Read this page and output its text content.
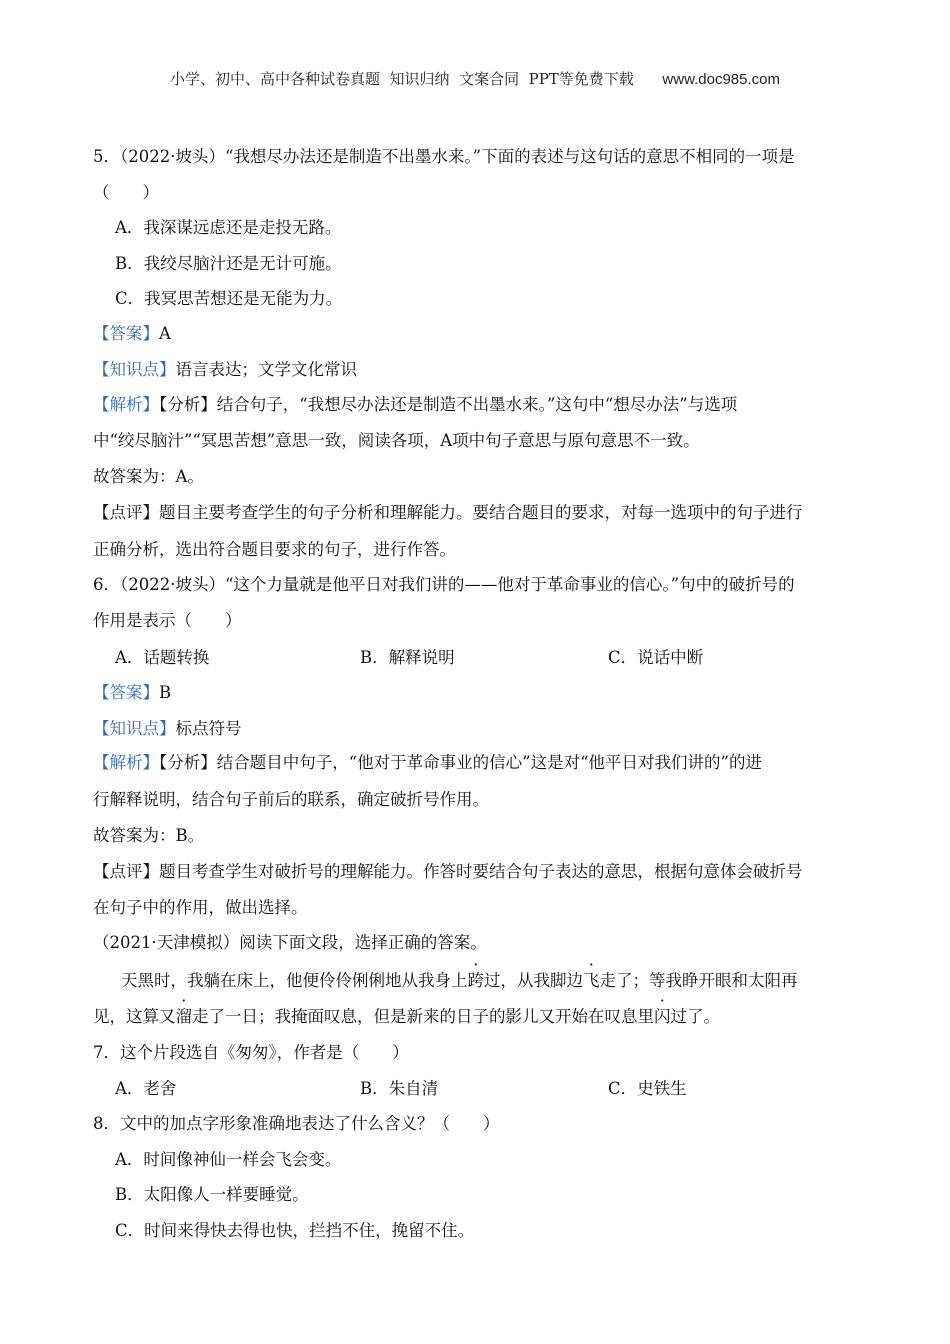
小学、初中、高中各种试卷真题  知识归纳  文案合同  PPT等免费下载 www.doc985.com
5．（2022·坡头）“我想尽办法还是制造不出墨水来。”下面的表述与这句话的意思不相同的一项是
（　　）
A．我深谋远虑还是走投无路。
B．我绞尽脑汁还是无计可施。
C．我冥思苦想还是无能为力。
【答案】A
【知识点】语言表达；文学文化常识
【解析】【分析】结合句子，“我想尽办法还是制造不出墨水来。”这句中“想尽办法”与选项
中“绞尽脑汁”“冥思苦想”意思一致，阅读各项，A项中句子意思与原句意思不一致。
故答案为：A。
【点评】题目主要考查学生的句子分析和理解能力。要结合题目的要求，对每一选项中的句子进行
正确分析，选出符合题目要求的句子，进行作答。
6．（2022·坡头）“这个力量就是他平日对我们讲的——他对于革命事业的信心。”句中的破折号的
作用是表示（　　）
A．话题转换	B．解释说明	C．说话中断
【答案】B
【知识点】标点符号
【解析】【分析】结合题目中句子，“他对于革命事业的信心”这是对“他平日对我们讲的”的进
行解释说明，结合句子前后的联系，确定破折号作用。
故答案为：B。
【点评】题目考查学生对破折号的理解能力。作答时要结合句子表达的意思，根据句意体会破折号
在句子中的作用，做出选择。
（2021·天津模拟）阅读下面文段，选择正确的答案。
天黑时，我躺在床上，他便伶伶俐俐地从我身上跨过，从我脚边飞走了；等我睁开眼和太阳再
见，这算又溜走了一日；我掩面叹息，但是新来的日子的影儿又开始在叹息里闪过了。
7．这个片段选自《匆匆》，作者是（　　）
A．老舍	B．朱自清	C．史铁生
8．文中的加点字形象准确地表达了什么含义？（　　）
A．时间像神仙一样会飞会变。
B．太阳像人一样要睡觉。
C．时间来得快去得也快，拦挡不住，挽留不住。
